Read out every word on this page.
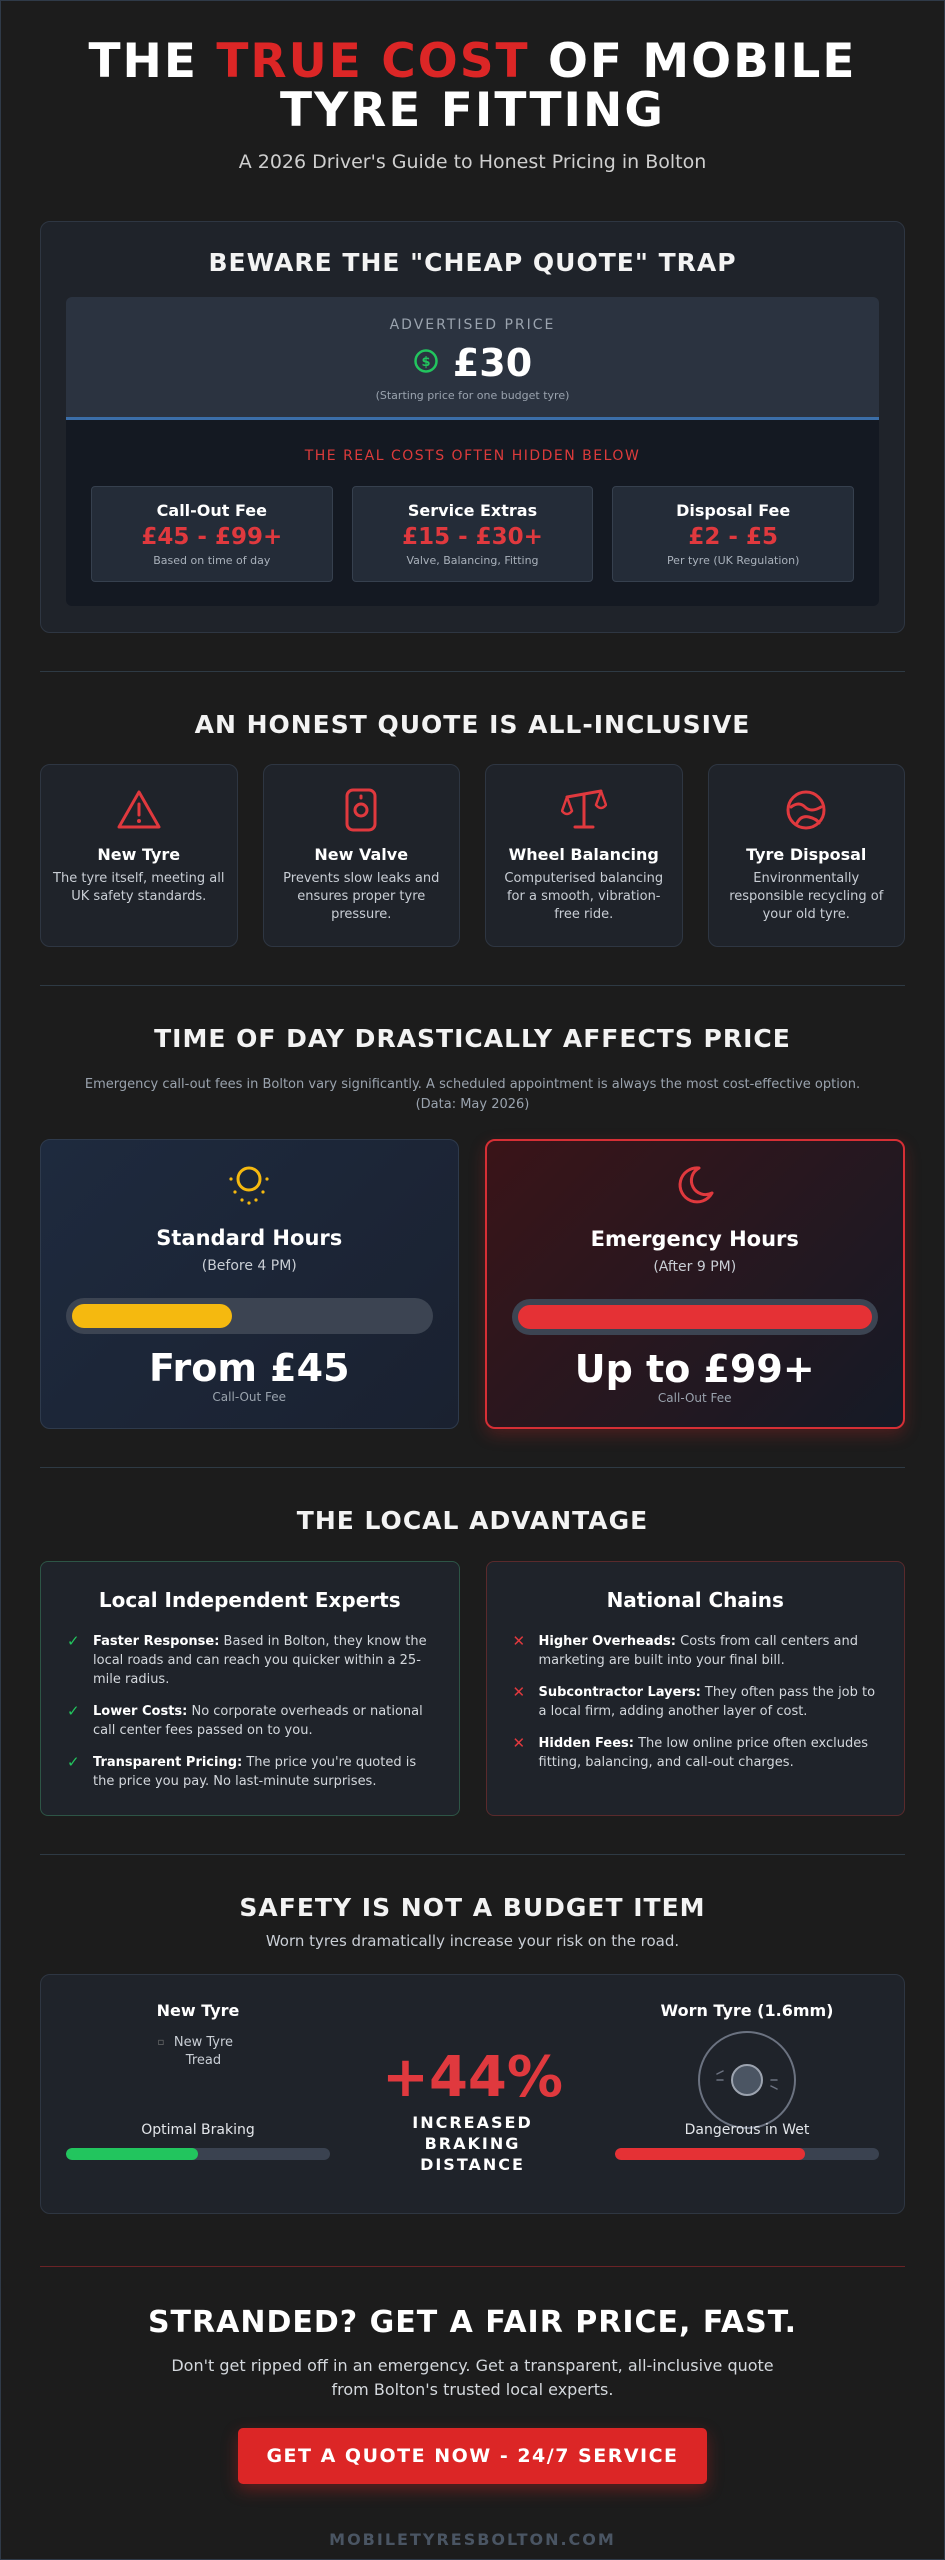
THE TRUE COST OF MOBILE TYRE FITTING
A 2026 Driver's Guide to Honest Pricing in Bolton
BEWARE THE "CHEAP QUOTE" TRAP
ADVERTISED PRICE
$ £30
(Starting price for one budget tyre)
THE REAL COSTS OFTEN HIDDEN BELOW
Call-Out Fee
£45 - £99+
Based on time of day
Service Extras
£15 - £30+
Valve, Balancing, Fitting
Disposal Fee
£2 - £5
Per tyre (UK Regulation)
AN HONEST QUOTE IS ALL-INCLUSIVE
New Tyre
The tyre itself, meeting all UK safety standards.
New Valve
Prevents slow leaks and ensures proper tyre pressure.
Wheel Balancing
Computerised balancing for a smooth, vibration-free ride.
Tyre Disposal
Environmentally responsible recycling of your old tyre.
TIME OF DAY DRASTICALLY AFFECTS PRICE
Emergency call-out fees in Bolton vary significantly. A scheduled appointment is always the most cost-effective option. (Data: May 2026)
Standard Hours
(Before 4 PM)
From £45
Call-Out Fee
Emergency Hours
(After 9 PM)
Up to £99+
Call-Out Fee
THE LOCAL ADVANTAGE
Local Independent Experts
✓ Faster Response: Based in Bolton, they know the local roads and can reach you quicker within a 25-mile radius.
✓ Lower Costs: No corporate overheads or national call center fees passed on to you.
✓ Transparent Pricing: The price you're quoted is the price you pay. No last-minute surprises.
National Chains
✕ Higher Overheads: Costs from call centers and marketing are built into your final bill.
✕ Subcontractor Layers: They often pass the job to a local firm, adding another layer of cost.
✕ Hidden Fees: The low online price often excludes fitting, balancing, and call-out charges.
SAFETY IS NOT A BUDGET ITEM
Worn tyres dramatically increase your risk on the road.
New Tyre
▫ New Tyre Tread
Optimal Braking
+44%
INCREASED BRAKING DISTANCE
Worn Tyre (1.6mm)
Dangerous in Wet
STRANDED? GET A FAIR PRICE, FAST.

Don't get ripped off in an emergency. Get a transparent, all-inclusive quote from Bolton's trusted local experts.

GET A QUOTE NOW - 24/7 SERVICE
MOBILETYRESBOLTON.COM
